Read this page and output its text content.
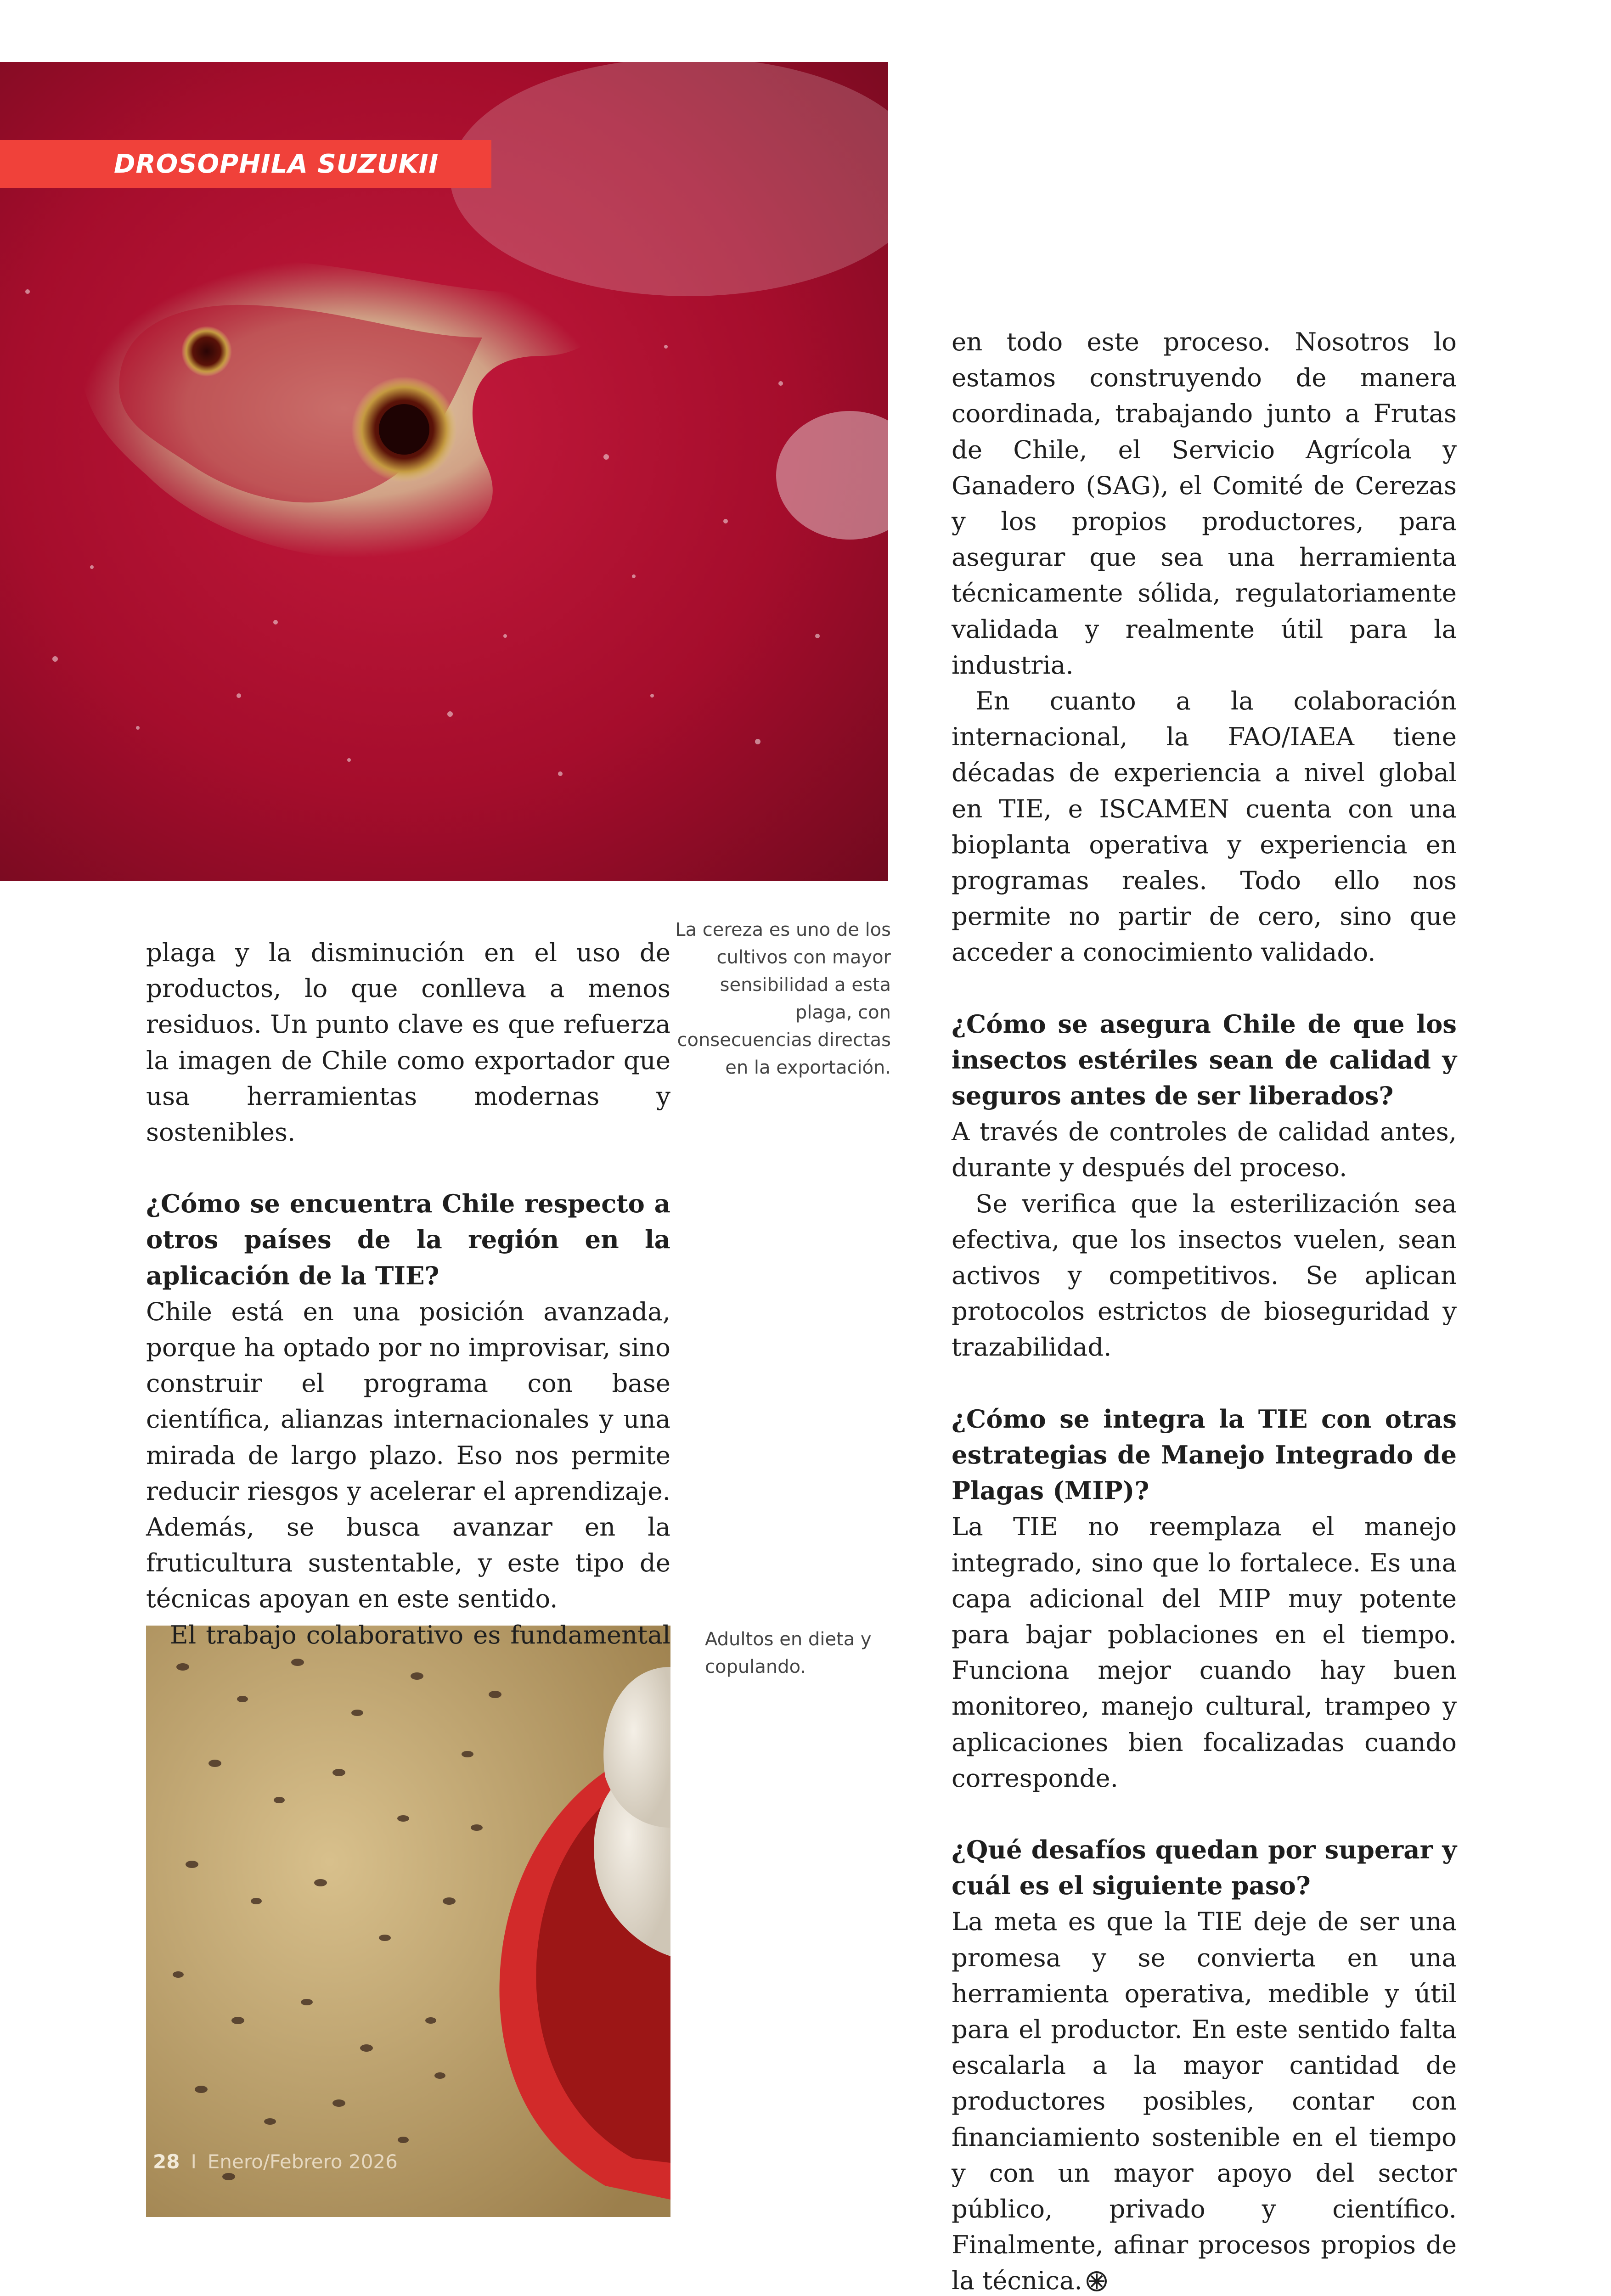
DROSOPHILA SUZUKII
La cereza es uno de los cultivos con mayor sensibilidad a esta plaga, con consecuencias directas en la exportación.
Adultos en dieta y copulando.

plaga y la disminución en el uso de productos, lo que conlleva a menos residuos. Un punto clave es que refuerza la imagen de Chile como exportador que usa herramientas modernas y sostenibles.

¿Cómo se encuentra Chile respecto a otros países de la región en la aplicación de la TIE?

Chile está en una posición avanzada, porque ha optado por no improvisar, sino construir el programa con base científica, alianzas internacionales y una mirada de largo plazo. Eso nos permite reducir riesgos y acelerar el aprendizaje. Además, se busca avanzar en la fruticultura sustentable, y este tipo de técnicas apoyan en este sentido.

El trabajo colaborativo es fundamental

en todo este proceso. Nosotros lo estamos construyendo de manera coordinada, trabajando junto a Frutas de Chile, el Servicio Agrícola y Ganadero (SAG), el Comité de Cerezas y los propios productores, para asegurar que sea una herramienta técnicamente sólida, regulatoriamente validada y realmente útil para la industria.

En cuanto a la colaboración internacional, la FAO/IAEA tiene décadas de experiencia a nivel global en TIE, e ISCAMEN cuenta con una bioplanta operativa y experiencia en programas reales. Todo ello nos permite no partir de cero, sino que acceder a conocimiento validado.

¿Cómo se asegura Chile de que los insectos estériles sean de calidad y seguros antes de ser liberados?

A través de controles de calidad antes, durante y después del proceso.

Se verifica que la esterilización sea efectiva, que los insectos vuelen, sean activos y competitivos. Se aplican protocolos estrictos de bioseguridad y trazabilidad.

¿Cómo se integra la TIE con otras estrategias de Manejo Integrado de Plagas (MIP)?

La TIE no reemplaza el manejo integrado, sino que lo fortalece. Es una capa adicional del MIP muy potente para bajar poblaciones en el tiempo. Funciona mejor cuando hay buen monitoreo, manejo cultural, trampeo y aplicaciones bien focalizadas cuando corresponde.

¿Qué desafíos quedan por superar y cuál es el siguiente paso?

La meta es que la TIE deje de ser una promesa y se convierta en una herramienta operativa, medible y útil para el productor. En este sentido falta escalarla a la mayor cantidad de productores posibles, contar con financiamiento sostenible en el tiempo y con un mayor apoyo del sector público, privado y científico. Finalmente, afinar procesos propios de la técnica.

28 I Enero/Febrero 2026
